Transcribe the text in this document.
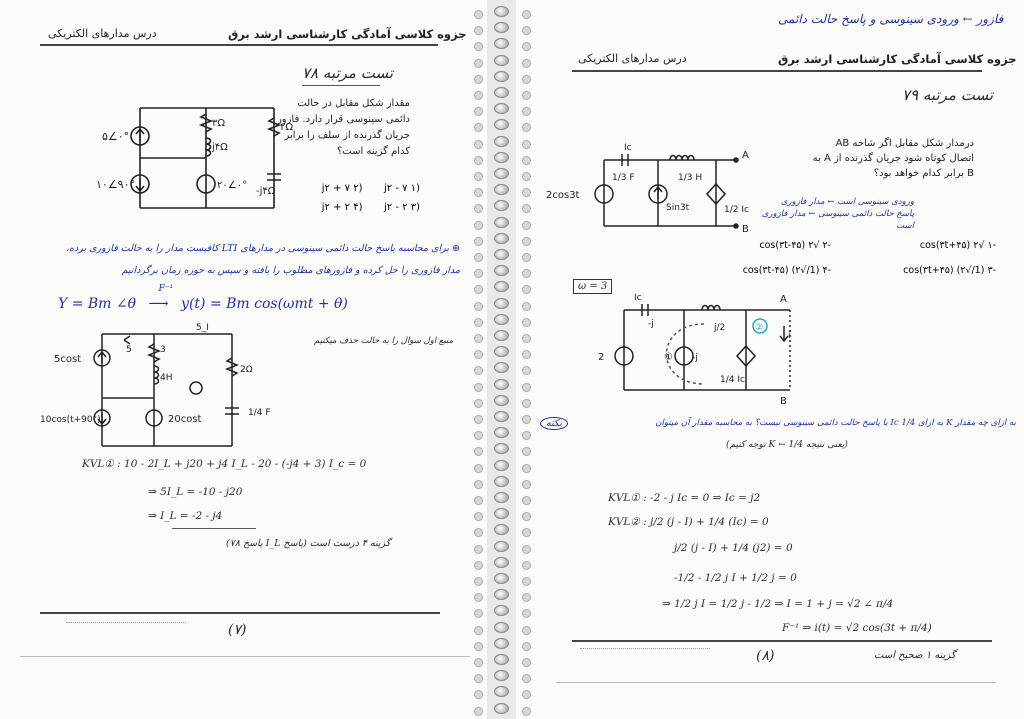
جزوه کلاسی آمادگی کارشناسی ارشد برق
درس مدارهای الکتریکی
تست مرتبه ۷۸
۵∠۰°
۱۰∠۹۰°
۳Ω
j۴Ω
۲Ω
-j۴Ω
۲۰∠۰°
مقدار شکل مقابل در حالت
دائمی سینوسی قرار دارد. فازور
جریان گذرنده از سلف را برابر
کدام گزینه است؟
(۱ ۷ - j۲
(۲ ۷ + j۲
(۳ ۲ - j۲
(۴ ۲ + j۲
⊛ برای محاسبه پاسخ حالت دائمی سینوسی در مدارهای LTI کافیست مدار را به حالت فازوری برده،
مدار فازوری را حل کرده و فازورهای مطلوب را یافته و سپس به حوزه زمان برگردانیم
Y = Bm ∠θ
F⁻¹
⟶ y(t) = Bm cos(ωmt + θ)
5cost
10cos(t+90°)	20cost
3
4H
2Ω
1/4 F
5
5_I
منبع اول سوال را به حالت حذف میکنیم
KVL① : 10 - 2I_L + j20 + j4 I_L - 20 - (-j4 + 3) I_c = 0
⇒ 5I_L = -10 - j20
⇒ I_L = -2 - j4
گزینه ۴ درست است (پاسخ I_L پاسخ ۷۸)
(۷)
فازور ← ورودی سینوسی و پاسخ حالت دائمی
جزوه کلاسی آمادگی کارشناسی ارشد برق
درس مدارهای الکتریکی
تست مرتبه ۷۹
درمدار شکل مقابل اگر شاخه AB
اتصال کوتاه شود جریان گذرنده از A به
B برابر کدام خواهد بود؟
2cos3t
1/3 F	1/3 H
Sin3t	1/2 Ic
Ic
A
B
ورودی سینوسی است ← مدار فازوری
پاسخ حالت دائمی سینوسی ← مدار فازوری
است
-۱ √۲ cos(۳t+۴۵)
-۲ √۲ cos(۳t-۴۵)
-۳ (1/√۲) cos(۳t+۴۵)
-۴ (1/√۲) cos(۳t-۴۵)
ω = 3
2
Ic
-j	j/2
-j
1/4 Ic
i
A
B
①
②
نکته	به ازای چه مقدار K به ازای 1/4 Ic با پاسخ حالت دائمی سینوسی نیست؟ به محاسبه مقدار آن میتوان
(یعنی نتیجه 1/4 ← K توجه کنیم)
KVL① : -2 - j Ic = 0 ⇒ Ic = j2
KVL② : j/2 (j - I) + 1/4 (Ic) = 0
j/2 (j - I) + 1/4 (j2) = 0
-1/2 - 1/2 j I + 1/2 j = 0
⇒ 1/2 j I = 1/2 j - 1/2 ⇒ I = 1 + j = √2 ∠ π/4
F⁻¹ ⇒ i(t) = √2 cos(3t + π/4)
(۸)	گزینه ۱ صحیح است
